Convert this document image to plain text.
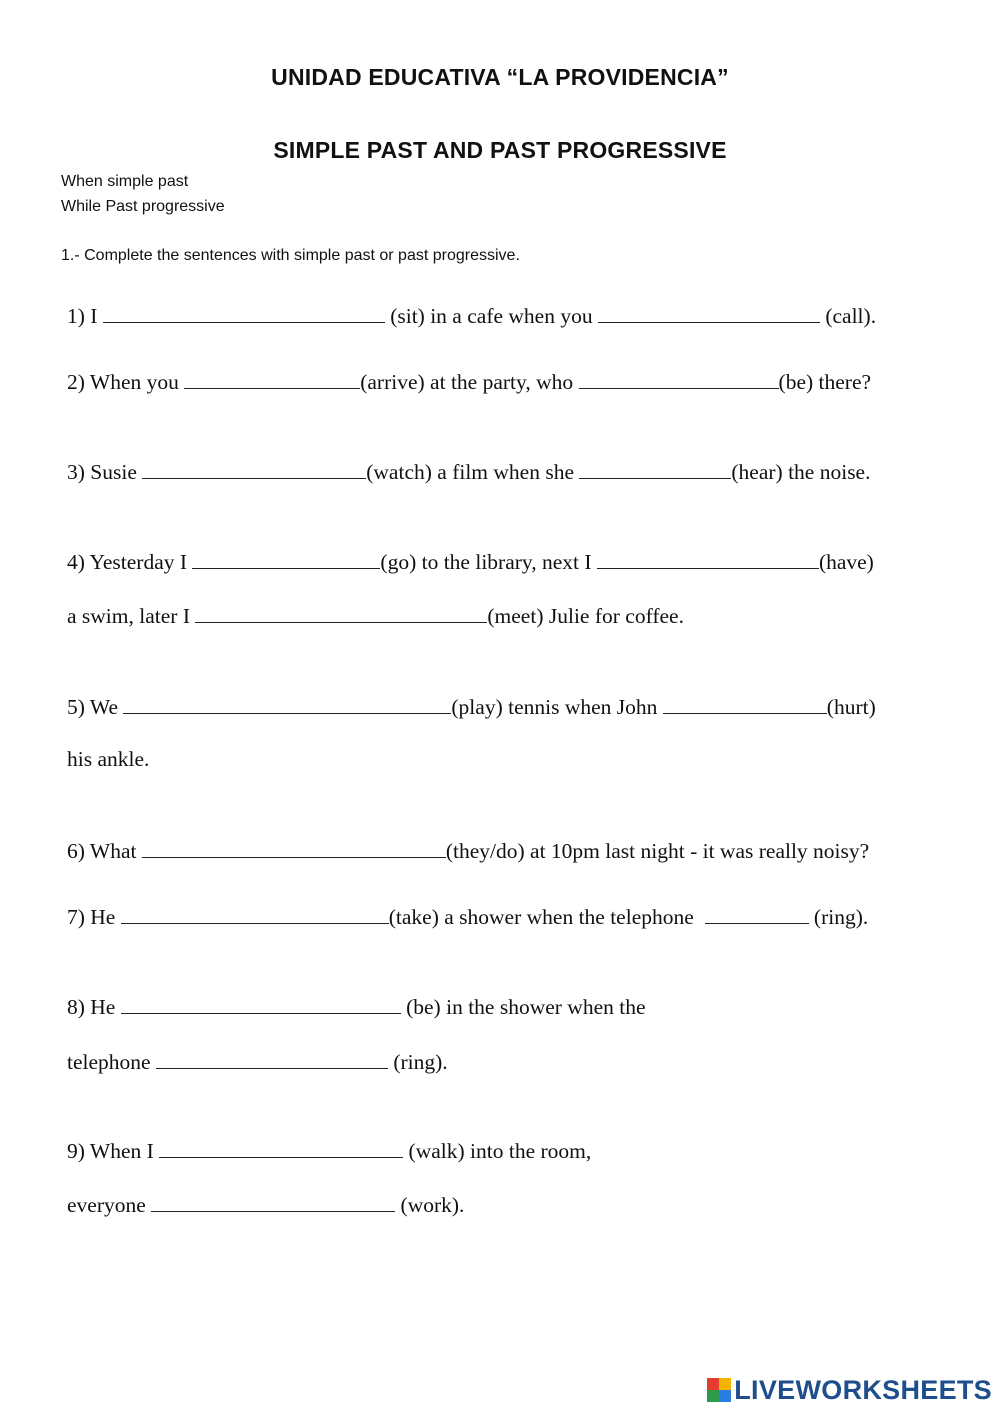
UNIDAD EDUCATIVA “LA PROVIDENCIA”
SIMPLE PAST AND PAST PROGRESSIVE
When simple past
While Past progressive
1.- Complete the sentences with simple past or past progressive.
1) I	(sit) in a cafe when you	(call).
2) When you	(arrive) at the party, who	(be) there?
3) Susie	(watch) a film when she	(hear) the noise.
4) Yesterday I	(go) to the library, next I	(have)
a swim, later I	(meet) Julie for coffee.
5) We	(play) tennis when John	(hurt)
his ankle.
6) What	(they/do) at 10pm last night - it was really noisy?
7) He	(take) a shower when the telephone	(ring).
8) He	(be) in the shower when the
telephone	(ring).
9) When I	(walk) into the room,
everyone	(work).
LIVEWORKSHEETS
